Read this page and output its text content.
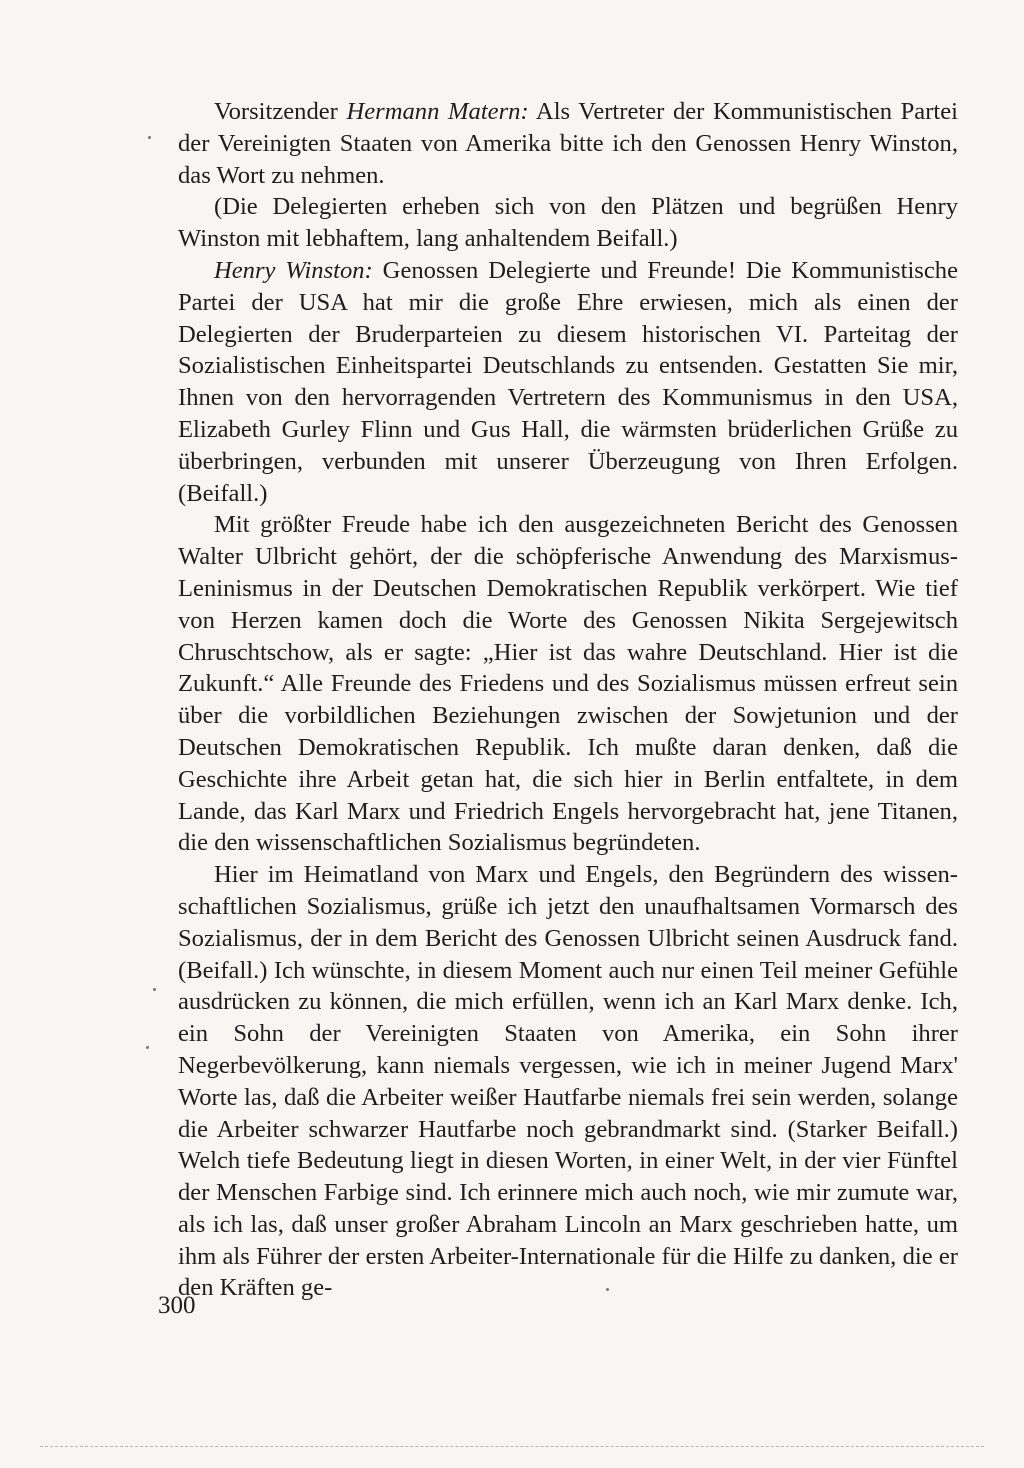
Vorsitzender Hermann Matern: Als Vertreter der Kommunistischen Partei der Vereinigten Staaten von Amerika bitte ich den Genossen Henry Winston, das Wort zu nehmen.

(Die Delegierten erheben sich von den Plätzen und begrüßen Henry Winston mit lebhaftem, lang anhaltendem Beifall.)

Henry Winston: Genossen Delegierte und Freunde! Die Kommunistische Partei der USA hat mir die große Ehre erwiesen, mich als einen der Delegierten der Bruderparteien zu diesem historischen VI. Parteitag der Sozialistischen Einheitspartei Deutschlands zu entsenden. Gestatten Sie mir, Ihnen von den hervorragenden Vertretern des Kommunismus in den USA, Elizabeth Gurley Flinn und Gus Hall, die wärmsten brüderlichen Grüße zu überbringen, verbunden mit unserer Überzeugung von Ihren Erfolgen. (Beifall.)

Mit größter Freude habe ich den ausgezeichneten Bericht des Genossen Walter Ulbricht gehört, der die schöpferische Anwendung des Marxismus-Leninismus in der Deutschen Demokratischen Republik verkörpert. Wie tief von Herzen kamen doch die Worte des Genossen Nikita Sergejewitsch Chruschtschow, als er sagte: „Hier ist das wahre Deutschland. Hier ist die Zukunft.“ Alle Freunde des Friedens und des Sozialismus müssen erfreut sein über die vorbildlichen Beziehungen zwischen der Sowjetunion und der Deutschen Demokratischen Republik. Ich mußte daran denken, daß die Geschichte ihre Arbeit getan hat, die sich hier in Berlin entfaltete, in dem Lande, das Karl Marx und Friedrich Engels hervorgebracht hat, jene Titanen, die den wissenschaftlichen Sozialismus begründeten.

Hier im Heimatland von Marx und Engels, den Begründern des wissenschaftlichen Sozialismus, grüße ich jetzt den unaufhaltsamen Vormarsch des Sozialismus, der in dem Bericht des Genossen Ulbricht seinen Ausdruck fand. (Beifall.) Ich wünschte, in diesem Moment auch nur einen Teil meiner Gefühle ausdrücken zu können, die mich erfüllen, wenn ich an Karl Marx denke. Ich, ein Sohn der Vereinigten Staaten von Amerika, ein Sohn ihrer Negerbevölkerung, kann niemals vergessen, wie ich in meiner Jugend Marx' Worte las, daß die Arbeiter weißer Hautfarbe niemals frei sein werden, solange die Arbeiter schwarzer Hautfarbe noch gebrandmarkt sind. (Starker Beifall.) Welch tiefe Bedeutung liegt in diesen Worten, in einer Welt, in der vier Fünftel der Menschen Farbige sind. Ich erinnere mich auch noch, wie mir zumute war, als ich las, daß unser großer Abraham Lincoln an Marx geschrieben hatte, um ihm als Führer der ersten Arbeiter-Internationale für die Hilfe zu danken, die er den Kräften ge-

300
